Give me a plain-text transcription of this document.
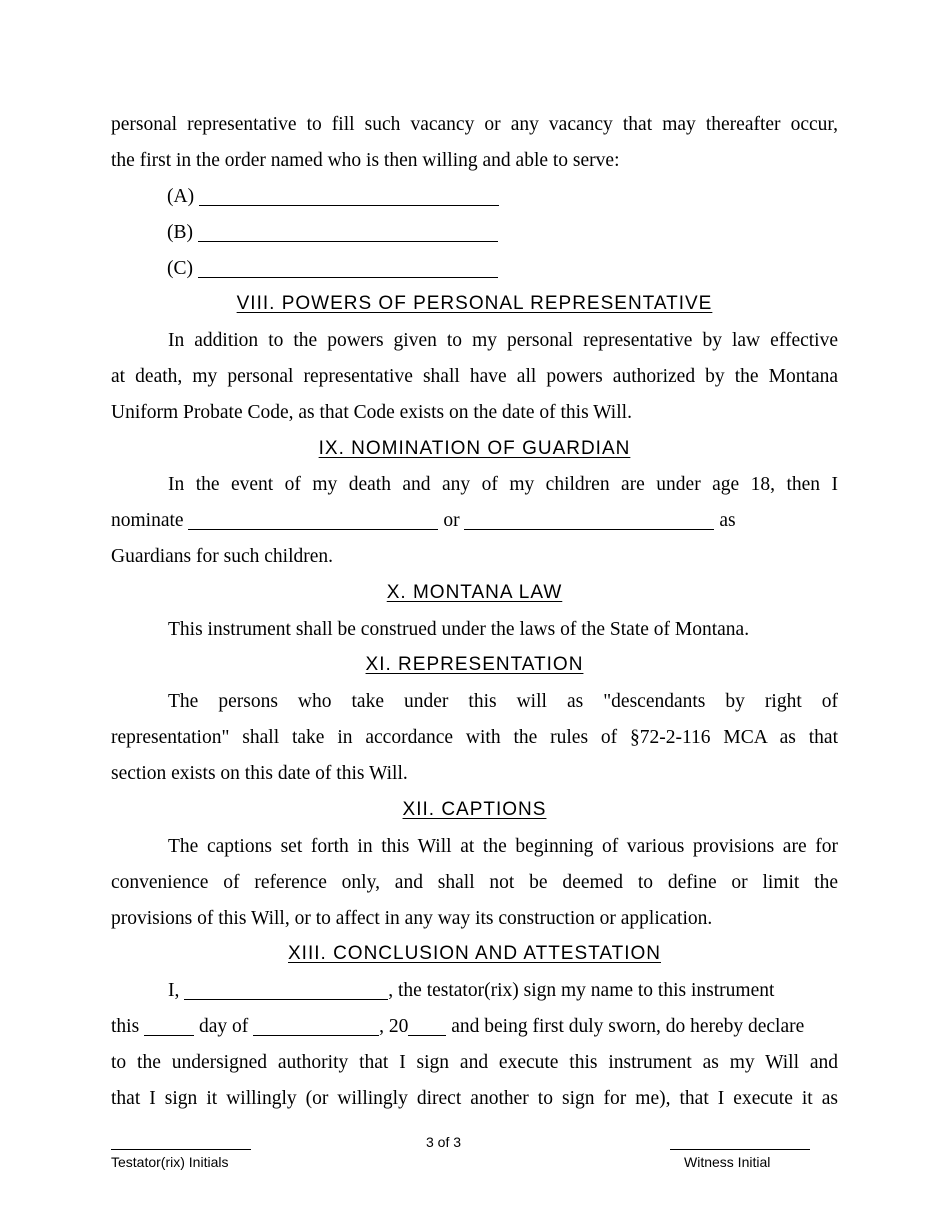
personal representative to fill such vacancy or any vacancy that may thereafter occur,
the first in the order named who is then willing and able to serve:
(A)
(B)
(C)
VIII. POWERS OF PERSONAL REPRESENTATIVE
In addition to the powers given to my personal representative by law effective
at death, my personal representative shall have all powers authorized by the Montana
Uniform Probate Code, as that Code exists on the date of this Will.
IX. NOMINATION OF GUARDIAN
In the event of my death and any of my children are under age 18, then I
nominate	or	as
Guardians for such children.
X. MONTANA LAW
This instrument shall be construed under the laws of the State of Montana.
XI. REPRESENTATION
The persons who take under this will as "descendants by right of
representation" shall take in accordance with the rules of §72-2-116 MCA as that
section exists on this date of this Will.
XII. CAPTIONS
The captions set forth in this Will at the beginning of various provisions are for
convenience of reference only, and shall not be deemed to define or limit the
provisions of this Will, or to affect in any way its construction or application.
XIII. CONCLUSION AND ATTESTATION
I,	, the testator(rix) sign my name to this instrument
this	day of	, 20 and being first duly sworn, do hereby declare
to the undersigned authority that I sign and execute this instrument as my Will and
that I sign it willingly (or willingly direct another to sign for me), that I execute it as
Testator(rix) Initials
3 of 3
Witness Initial
